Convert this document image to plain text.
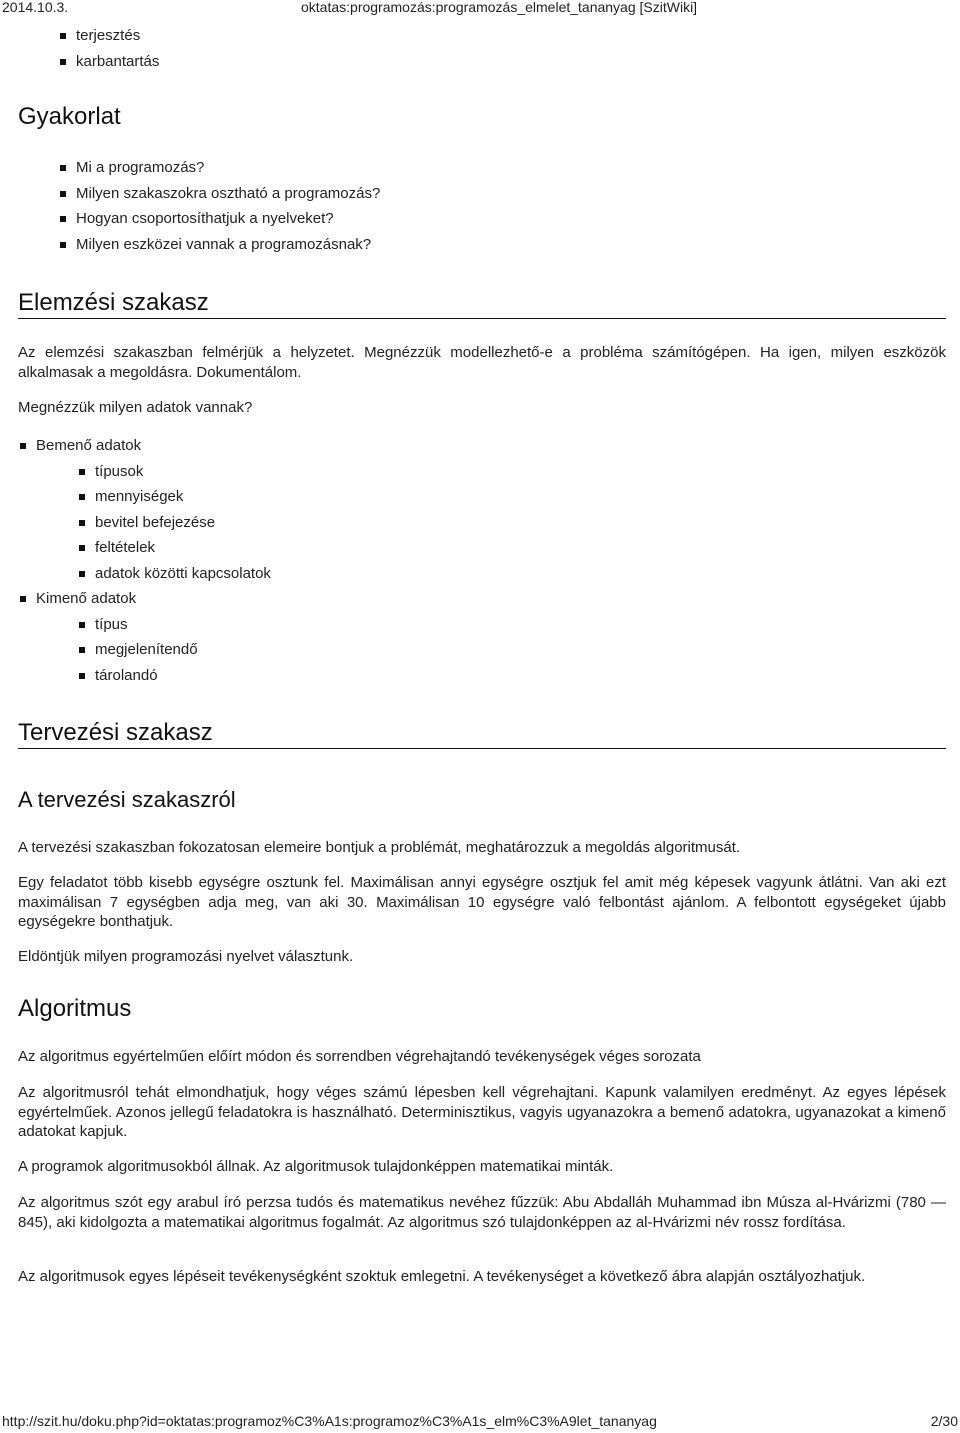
2014.10.3.	oktatas:programozás:programozás_elmelet_tananyag [SzitWiki]
terjesztés
karbantartás
Gyakorlat
Mi a programozás?
Milyen szakaszokra osztható a programozás?
Hogyan csoportosíthatjuk a nyelveket?
Milyen eszközei vannak a programozásnak?
Elemzési szakasz

Az elemzési szakaszban felmérjük a helyzetet. Megnézzük modellezhető-e a probléma számítógépen. Ha igen, milyen eszközök alkalmasak a megoldásra. Dokumentálom.

Megnézzük milyen adatok vannak?

Bemenő adatok
típusok
mennyiségek
bevitel befejezése
feltételek
adatok közötti kapcsolatok
Kimenő adatok
típus
megjelenítendő
tárolandó
Tervezési szakasz
A tervezési szakaszról

A tervezési szakaszban fokozatosan elemeire bontjuk a problémát, meghatározzuk a megoldás algoritmusát.

Egy feladatot több kisebb egységre osztunk fel. Maximálisan annyi egységre osztjuk fel amit még képesek vagyunk átlátni. Van aki ezt maximálisan 7 egységben adja meg, van aki 30. Maximálisan 10 egységre való felbontást ajánlom. A felbontott egységeket újabb egységekre bonthatjuk.

Eldöntjük milyen programozási nyelvet választunk.

Algoritmus

Az algoritmus egyértelműen előírt módon és sorrendben végrehajtandó tevékenységek véges sorozata

Az algoritmusról tehát elmondhatjuk, hogy véges számú lépesben kell végrehajtani. Kapunk valamilyen eredményt. Az egyes lépések egyértelműek. Azonos jellegű feladatokra is használható. Determinisztikus, vagyis ugyanazokra a bemenő adatokra, ugyanazokat a kimenő adatokat kapjuk.

A programok algoritmusokból állnak. Az algoritmusok tulajdonképpen matematikai minták.

Az algoritmus szót egy arabul író perzsa tudós és matematikus nevéhez fűzzük: Abu Abdalláh Muhammad ibn Músza al-Hvárizmi (780 — 845), aki kidolgozta a matematikai algoritmus fogalmát. Az algoritmus szó tulajdonképpen az al-Hvárizmi név rossz fordítása.

Az algoritmusok egyes lépéseit tevékenységként szoktuk emlegetni. A tevékenységet a következő ábra alapján osztályozhatjuk.

http://szit.hu/doku.php?id=oktatas:programoz%C3%A1s:programoz%C3%A1s_elm%C3%A9let_tananyag	2/30
